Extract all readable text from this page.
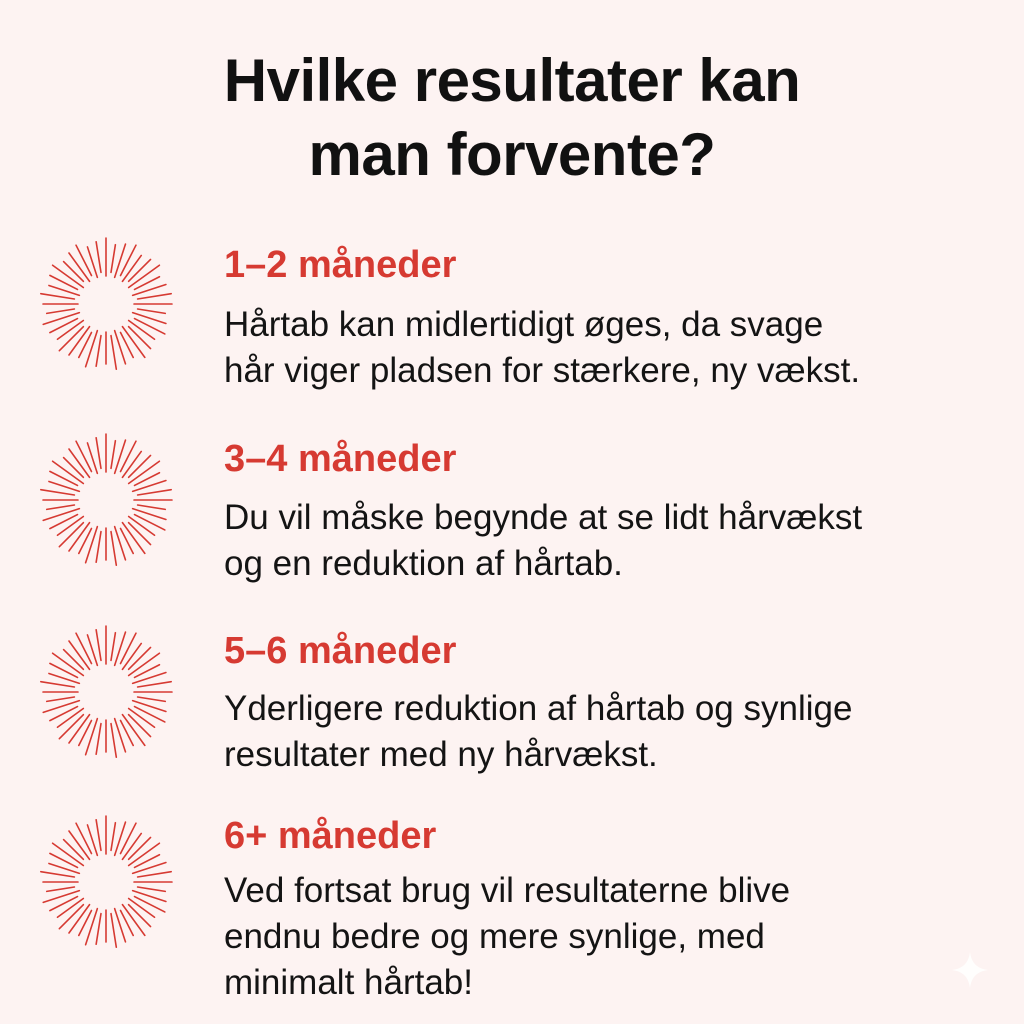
Hvilke resultater kan
man forvente?
1–2 måneder

Hårtab kan midlertidigt øges, da svage
hår viger pladsen for stærkere, ny vækst.

3–4 måneder

Du vil måske begynde at se lidt hårvækst
og en reduktion af hårtab.

5–6 måneder

Yderligere reduktion af hårtab og synlige
resultater med ny hårvækst.

6+ måneder

Ved fortsat brug vil resultaterne blive
endnu bedre og mere synlige, med
minimalt hårtab!
